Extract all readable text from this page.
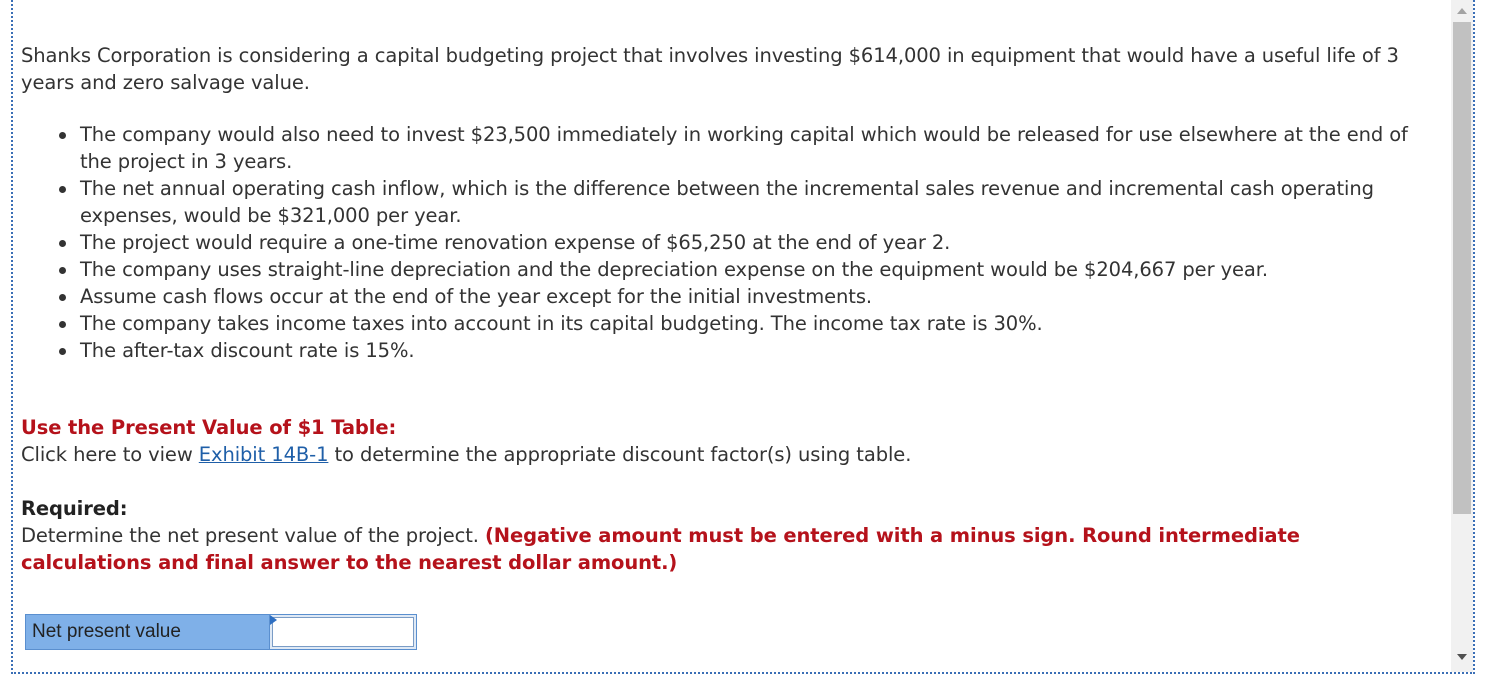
Shanks Corporation is considering a capital budgeting project that involves investing $614,000 in equipment that would have a useful life of 3 years and zero salvage value.

The company would also need to invest $23,500 immediately in working capital which would be released for use elsewhere at the end of the project in 3 years.
The net annual operating cash inflow, which is the difference between the incremental sales revenue and incremental cash operating expenses, would be $321,000 per year.
The project would require a one-time renovation expense of $65,250 at the end of year 2.
The company uses straight-line depreciation and the depreciation expense on the equipment would be $204,667 per year.
Assume cash flows occur at the end of the year except for the initial investments.
The company takes income taxes into account in its capital budgeting. The income tax rate is 30%.
The after-tax discount rate is 15%.

Use the Present Value of $1 Table:

Click here to view Exhibit 14B-1 to determine the appropriate discount factor(s) using table.

Required:

Determine the net present value of the project. (Negative amount must be entered with a minus sign. Round intermediate calculations and final answer to the nearest dollar amount.)

Net present value
